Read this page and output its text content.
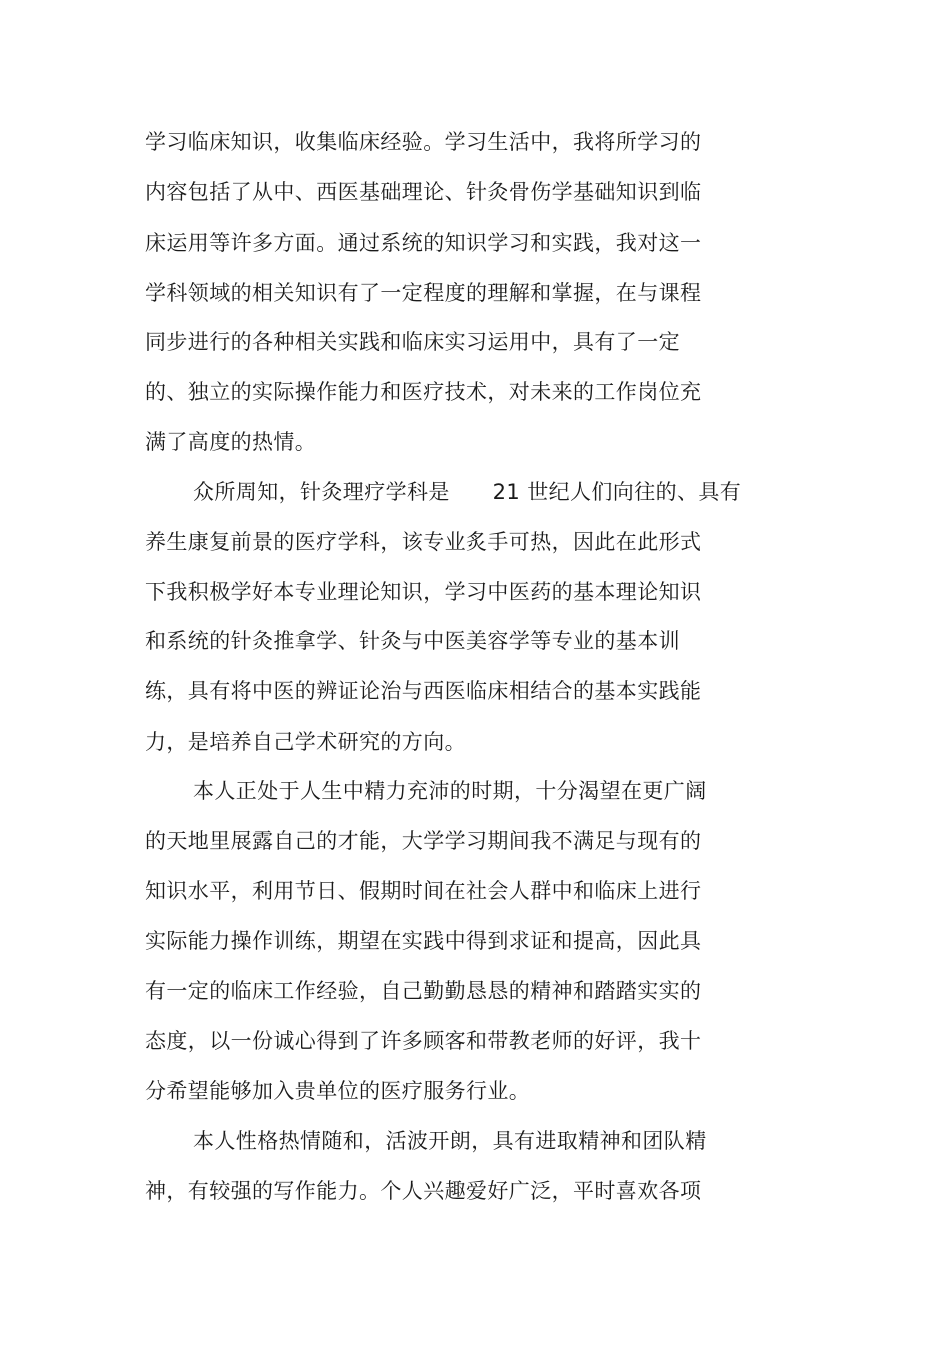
学习临床知识，收集临床经验。学习生活中，我将所学习的
内容包括了从中、西医基础理论、针灸骨伤学基础知识到临
床运用等许多方面。通过系统的知识学习和实践，我对这一
学科领域的相关知识有了一定程度的理解和掌握，在与课程
同步进行的各种相关实践和临床实习运用中，具有了一定
的、独立的实际操作能力和医疗技术，对未来的工作岗位充
满了高度的热情。
众所周知，针灸理疗学科是　　21 世纪人们向往的、具有
养生康复前景的医疗学科，该专业炙手可热，因此在此形式
下我积极学好本专业理论知识，学习中医药的基本理论知识
和系统的针灸推拿学、针灸与中医美容学等专业的基本训
练，具有将中医的辨证论治与西医临床相结合的基本实践能
力，是培养自己学术研究的方向。
本人正处于人生中精力充沛的时期，十分渴望在更广阔
的天地里展露自己的才能，大学学习期间我不满足与现有的
知识水平，利用节日、假期时间在社会人群中和临床上进行
实际能力操作训练，期望在实践中得到求证和提高，因此具
有一定的临床工作经验，自己勤勤恳恳的精神和踏踏实实的
态度，以一份诚心得到了许多顾客和带教老师的好评，我十
分希望能够加入贵单位的医疗服务行业。
本人性格热情随和，活波开朗，具有进取精神和团队精
神，有较强的写作能力。个人兴趣爱好广泛，平时喜欢各项
